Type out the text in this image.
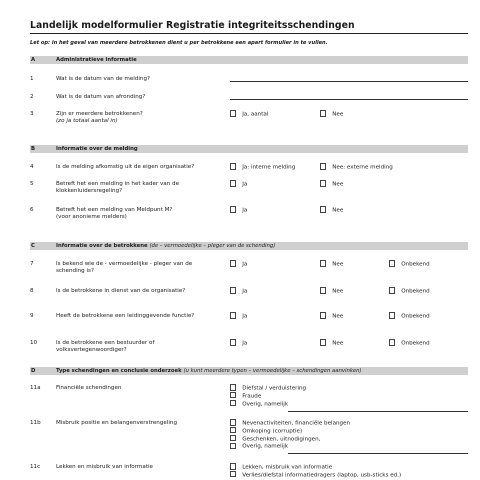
Landelijk modelformulier Registratie integriteitsschendingen
Let op: in het geval van meerdere betrokkenen dient u per betrokkene een apart formulier in te vullen.
A	Administratieve informatie
1	Wat is de datum van de melding?
2	Wat is de datum van afronding?
3	Zijn er meerdere betrokkenen?
(zo ja totaal aantal in)
Ja, aantal	Nee
B	Informatie over de melding
4	Is de melding afkomstig uit de eigen organisatie?	Ja: interne melding	Nee: externe melding
5	Betreft het een melding in het kader van de klokkenluidersregeling?
Ja	Nee
6	Betreft het een melding van Meldpunt M?
(voor anonieme melders)
Ja	Nee
C	Informatie over de betrokkene (de – vermoedelijke – pleger van de schending)
7	Is bekend wie de - vermoedelijke - pleger van de schending is?
Ja	Nee	Onbekend
8	Is de betrokkene in dienst van de organisatie?	Ja	Nee	Onbekend
9	Heeft de betrokkene een leidinggevende functie?	Ja	Nee	Onbekend
10	Is de betrokkene een bestuurder of volksvertegenwoordiger?
Ja	Nee	Onbekend
D	Type schendingen en conclusie onderzoek (u kunt meerdere typen – vermoedelijke – schendingen aanvinken)
11a	Financiële schendingen	Diefstal / verduistering
Fraude
Overig, namelijk
11b	Misbruik positie en belangenverstrengeling	Nevenactiviteiten, financiële belangen
Omkoping (corruptie)
Geschenken, uitnodigingen,
Overig, namelijk
11c	Lekken en misbruik van informatie	Lekken, misbruik van informatie
Verlies/diefstal informatiedragers (laptop, usb-sticks ed.)
